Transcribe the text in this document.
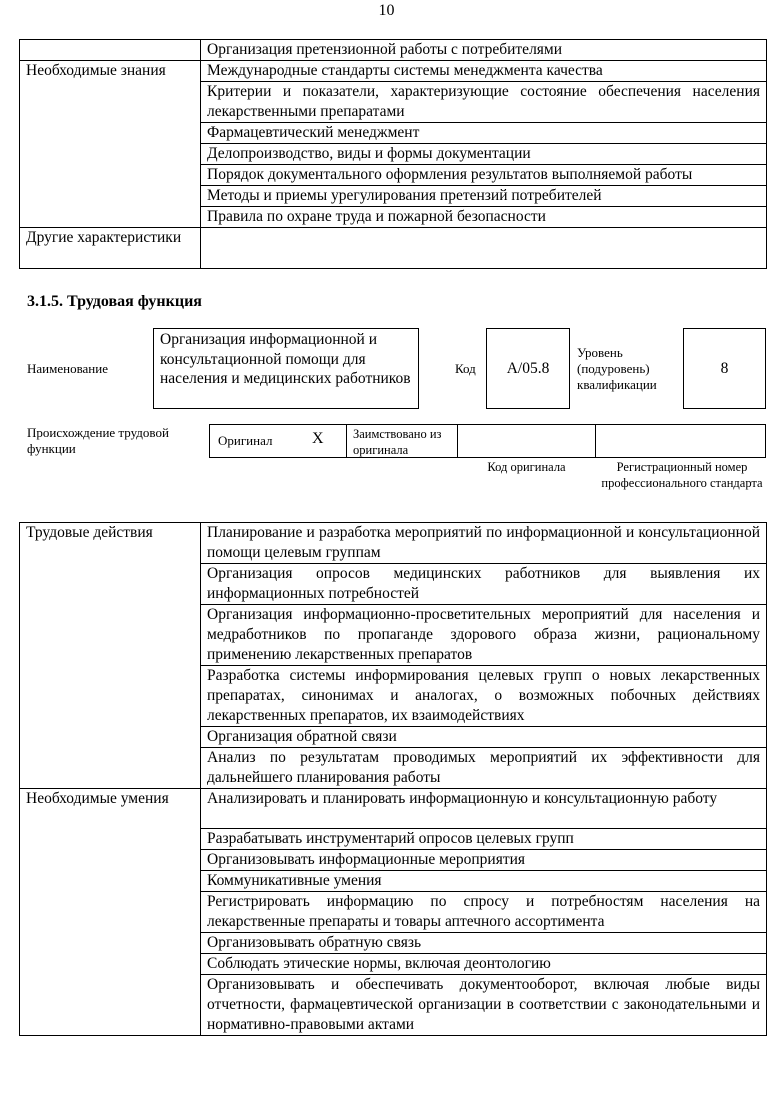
10
	Организация претензионной работы с потребителями
Необходимые знания	Международные стандарты системы менеджмента качества
	Критерии и показатели, характеризующие состояние обеспечения населения лекарственными препаратами
	Фармацевтический менеджмент
	Делопроизводство, виды и формы документации
	Порядок документального оформления результатов выполняемой работы
	Методы и приемы урегулирования претензий потребителей
	Правила по охране труда и пожарной безопасности
Другие характеристики	
3.1.5. Трудовая функция
Наименование
Организация информационной и консультационной помощи для населения и медицинских работников
Код	A/05.8
Уровень (подуровень) квалификации
8
Происхождение трудовой функции
Оригинал X	Заимствовано из оригинала
Код оригинала	Регистрационный номер профессионального стандарта
Трудовые действия	Планирование и разработка мероприятий по информационной и консультационной помощи целевым группам
	Организация опросов медицинских работников для выявления их информационных потребностей
	Организация информационно-просветительных мероприятий для населения и медработников по пропаганде здорового образа жизни, рациональному применению лекарственных препаратов
	Разработка системы информирования целевых групп о новых лекарственных препаратах, синонимах и аналогах, о возможных побочных действиях лекарственных препаратов, их взаимодействиях
	Организация обратной связи
	Анализ по результатам проводимых мероприятий их эффективности для дальнейшего планирования работы
Необходимые умения	Анализировать и планировать информационную и консультационную работу
	Разрабатывать инструментарий опросов целевых групп
	Организовывать информационные мероприятия
	Коммуникативные умения
	Регистрировать информацию по спросу и потребностям населения на лекарственные препараты и товары аптечного ассортимента
	Организовывать обратную связь
	Соблюдать этические нормы, включая деонтологию
	Организовывать и обеспечивать документооборот, включая любые виды отчетности, фармацевтической организации в соответствии с законодательными и нормативно-правовыми актами
